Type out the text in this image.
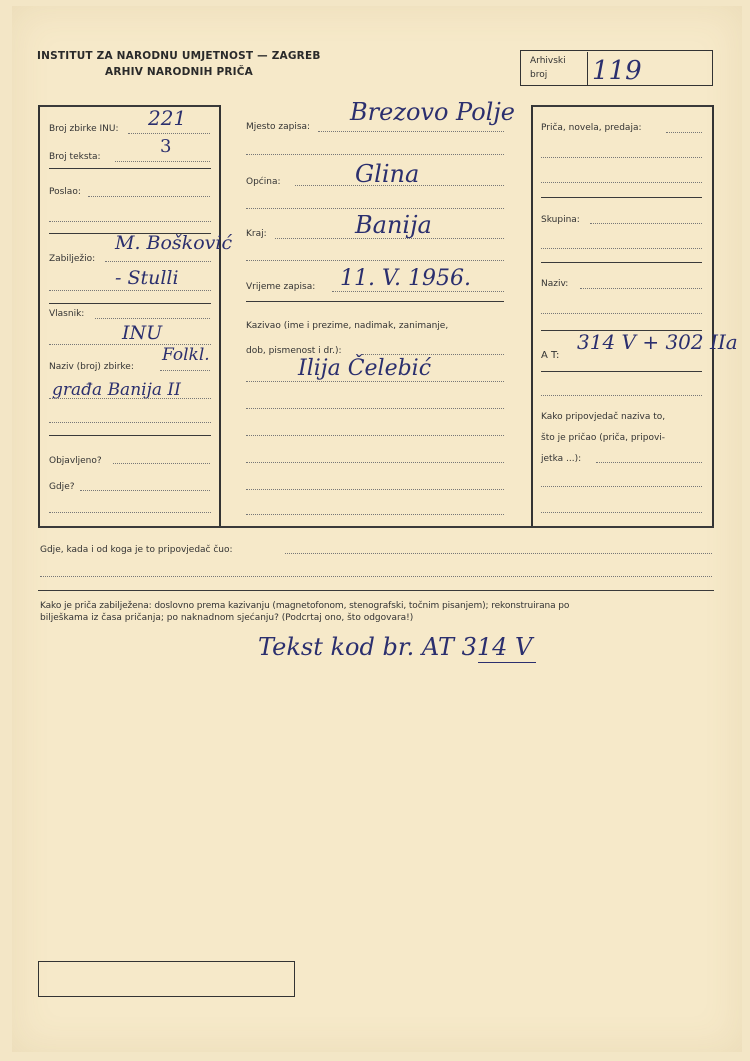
INSTITUT ZA NARODNU UMJETNOST — ZAGREB
ARHIV NARODNIH PRIČA
Arhivski
broj 119
Broj zbirke INU: 221
Broj teksta:	3
Poslao:
Zabilježio:
M. Bošković
- Stulli
Vlasnik:
INU
Naziv (broj) zbirke:
Folkl.
građa Banija II
Objavljeno?
Gdje?
Mjesto zapisa:
Brezovo Polje
Općina:	Glina
Kraj:	Banija
Vrijeme zapisa: 11. V. 1956.
Kazivao (ime i prezime, nadimak, zanimanje,
dob, pismenost i dr.):
Ilija Čelebić
Priča, novela, predaja:
Skupina:
Naziv:
A T:
314 V + 302 IIa
Kako pripovjedač naziva to,
što je pričao (priča, pripovi-
jetka ...):
Gdje, kada i od koga je to pripovjedač čuo:
Kako je priča zabilježena: doslovno prema kazivanju (magnetofonom, stenografski, točnim pisanjem); rekonstruirana po
bilješkama iz časa pričanja; po naknadnom sjećanju? (Podcrtaj ono, što odgovara!)
Tekst kod br. AT 314 V
